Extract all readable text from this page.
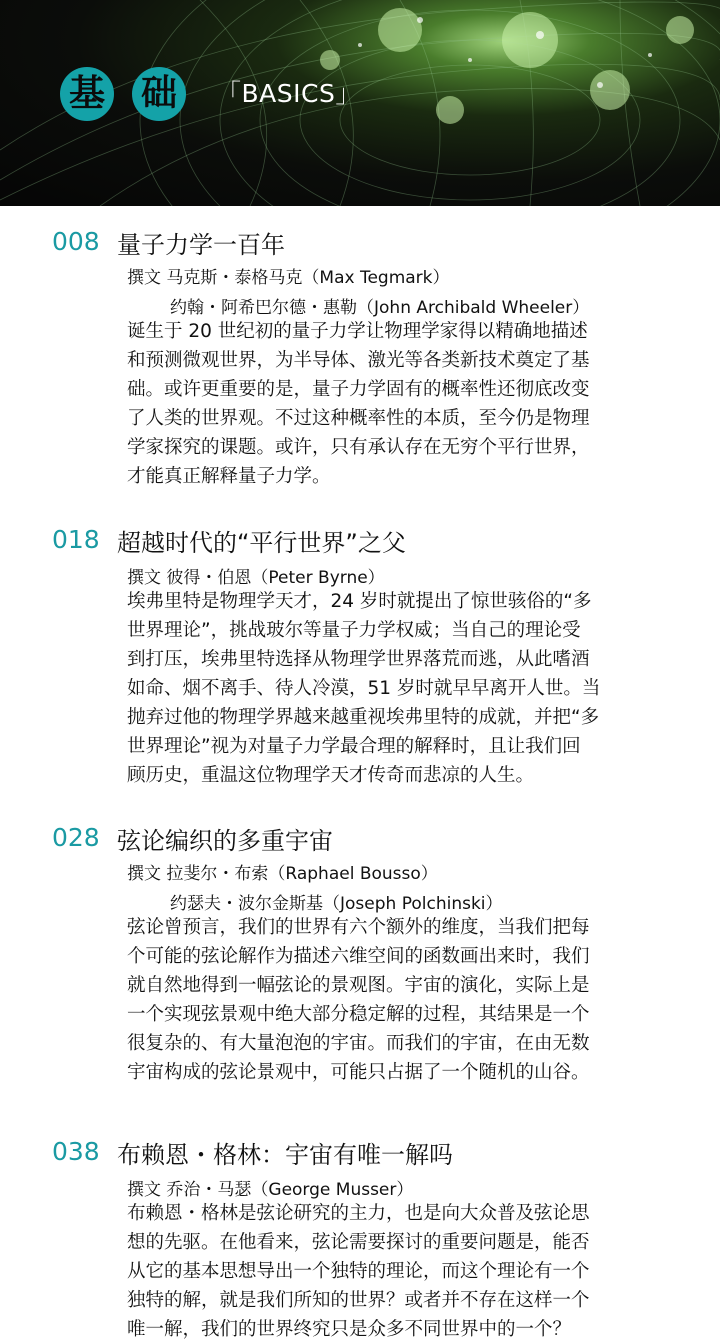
基 础	「BASICS」
008 量子力学一百年
撰文 马克斯・泰格马克（Max Tegmark）
约翰・阿希巴尔德・惠勒（John Archibald Wheeler）
诞生于 20 世纪初的量子力学让物理学家得以精确地描述
和预测微观世界，为半导体、激光等各类新技术奠定了基
础。或许更重要的是，量子力学固有的概率性还彻底改变
了人类的世界观。不过这种概率性的本质，至今仍是物理
学家探究的课题。或许，只有承认存在无穷个平行世界，
才能真正解释量子力学。
018 超越时代的“平行世界”之父
撰文 彼得・伯恩（Peter Byrne）
埃弗里特是物理学天才，24 岁时就提出了惊世骇俗的“多
世界理论”，挑战玻尔等量子力学权威；当自己的理论受
到打压，埃弗里特选择从物理学世界落荒而逃，从此嗜酒
如命、烟不离手、待人冷漠，51 岁时就早早离开人世。当
抛弃过他的物理学界越来越重视埃弗里特的成就，并把“多
世界理论”视为对量子力学最合理的解释时，且让我们回
顾历史，重温这位物理学天才传奇而悲凉的人生。
028 弦论编织的多重宇宙
撰文 拉斐尔・布索（Raphael Bousso）
约瑟夫・波尔金斯基（Joseph Polchinski）
弦论曾预言，我们的世界有六个额外的维度，当我们把每
个可能的弦论解作为描述六维空间的函数画出来时，我们
就自然地得到一幅弦论的景观图。宇宙的演化，实际上是
一个实现弦景观中绝大部分稳定解的过程，其结果是一个
很复杂的、有大量泡泡的宇宙。而我们的宇宙，在由无数
宇宙构成的弦论景观中，可能只占据了一个随机的山谷。
038 布赖恩・格林：宇宙有唯一解吗
撰文 乔治・马瑟（George Musser）
布赖恩・格林是弦论研究的主力，也是向大众普及弦论思
想的先驱。在他看来，弦论需要探讨的重要问题是，能否
从它的基本思想导出一个独特的理论，而这个理论有一个
独特的解，就是我们所知的世界？或者并不存在这样一个
唯一解，我们的世界终究只是众多不同世界中的一个？
